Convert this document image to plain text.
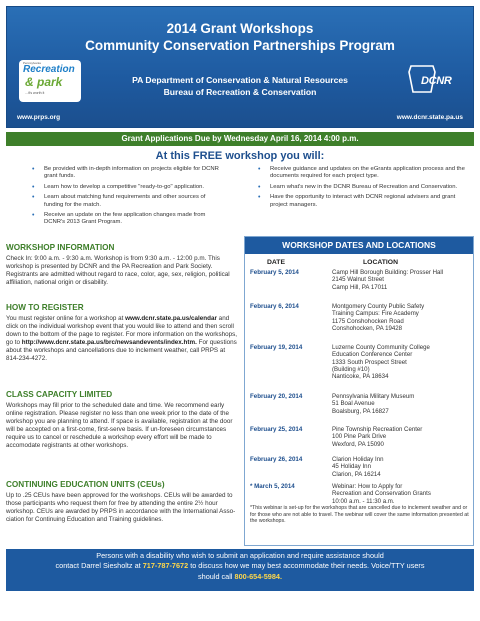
2014 Grant Workshops
Community Conservation Partnerships Program
Pennsylvania
Recreation
& park
...it's worth it
PA Department of Conservation & Natural Resources
Bureau of Recreation & Conservation
DCNR
www.prps.org	www.dcnr.state.pa.us
Grant Applications Due by Wednesday April 16, 2014 4:00 p.m.
At this FREE workshop you will:
• Be provided with in-depth information on projects eligible for DCNR grant funds.
• Learn how to develop a competitive "ready-to-go" application.
• Learn about matching fund requirements and other sources of funding for the match.
• Receive an update on the few application changes made from DCNR's 2013 Grant Program.
• Receive guidance and updates on the eGrants application process and the documents required for each project type.
• Learn what's new in the DCNR Bureau of Recreation and Conservation.
• Have the opportunity to interact with DCNR regional advisers and grant project managers.
WORKSHOP INFORMATION
Check In: 9:00 a.m. - 9:30 a.m. Workshop is from 9:30 a.m. - 12:00 p.m. This workshop is presented by DCNR and the PA Recreation and Park Society. Registrants are admitted without regard to race, color, age, sex, religion, political affiliation, national origin or disability.
HOW TO REGISTER
You must register online for a workshop at www.dcnr.state.pa.us/calendar and click on the individual workshop event that you would like to attend and then scroll down to the bottom of the page to register. For more information on the workshops, go to http://www.dcnr.state.pa.us/brc/newsandevents/index.htm. For questions about the workshops and cancellations due to inclement weather, call PRPS at 814-234-4272.
CLASS CAPACITY LIMITED
Workshops may fill prior to the scheduled date and time. We recommend early online registration. Please register no less than one week prior to the date of the workshop you are planning to attend. If space is available, registration at the door will be accepted on a first-come, first-serve basis. If un-foreseen circumstances require us to cancel or reschedule a workshop every effort will be made to accomodate registrants at other workshops.
CONTINUING EDUCATION UNITS (CEUs)
Up to .25 CEUs have been approved for the workshops. CEUs will be awarded to those participants who request them for free by attending the entire 2½ hour workshop. CEUs are awarded by PRPS in accordance with the International Asso-ciation for Continuing Education and Training guidelines.
WORKSHOP DATES AND LOCATIONS
DATE	LOCATION
February 5, 2014	Camp Hill Borough Building: Prosser Hall
2145 Walnut Street
Camp Hill, PA 17011
February 6, 2014	Montgomery County Public Safety
Training Campus: Fire Academy
1175 Conshohocken Road
Conshohocken, PA 19428
February 19, 2014	Luzerne County Community College
Education Conference Center
1333 South Prospect Street
(Building #10)
Nanticoke, PA 18634
February 20, 2014	Pennsylvania Military Museum
51 Boal Avenue
Boalsburg, PA 16827
February 25, 2014	Pine Township Recreation Center
100 Pine Park Drive
Wexford, PA 15090
February 26, 2014	Clarion Holiday Inn
45 Holiday Inn
Clarion, PA 16214
* March 5, 2014	Webinar: How to Apply for
Recreation and Conservation Grants
10:00 a.m. - 11:30 a.m.
*This webinar is set-up for the workshops that are cancelled due to inclement weather and or for those who are not able to travel. The webinar will cover the same information presented at the workshops.
Persons with a disability who wish to submit an application and require assistance should
contact Darrel Siesholtz at 717-787-7672 to discuss how we may best accommodate their needs. Voice/TTY users
should call 800-654-5984.
